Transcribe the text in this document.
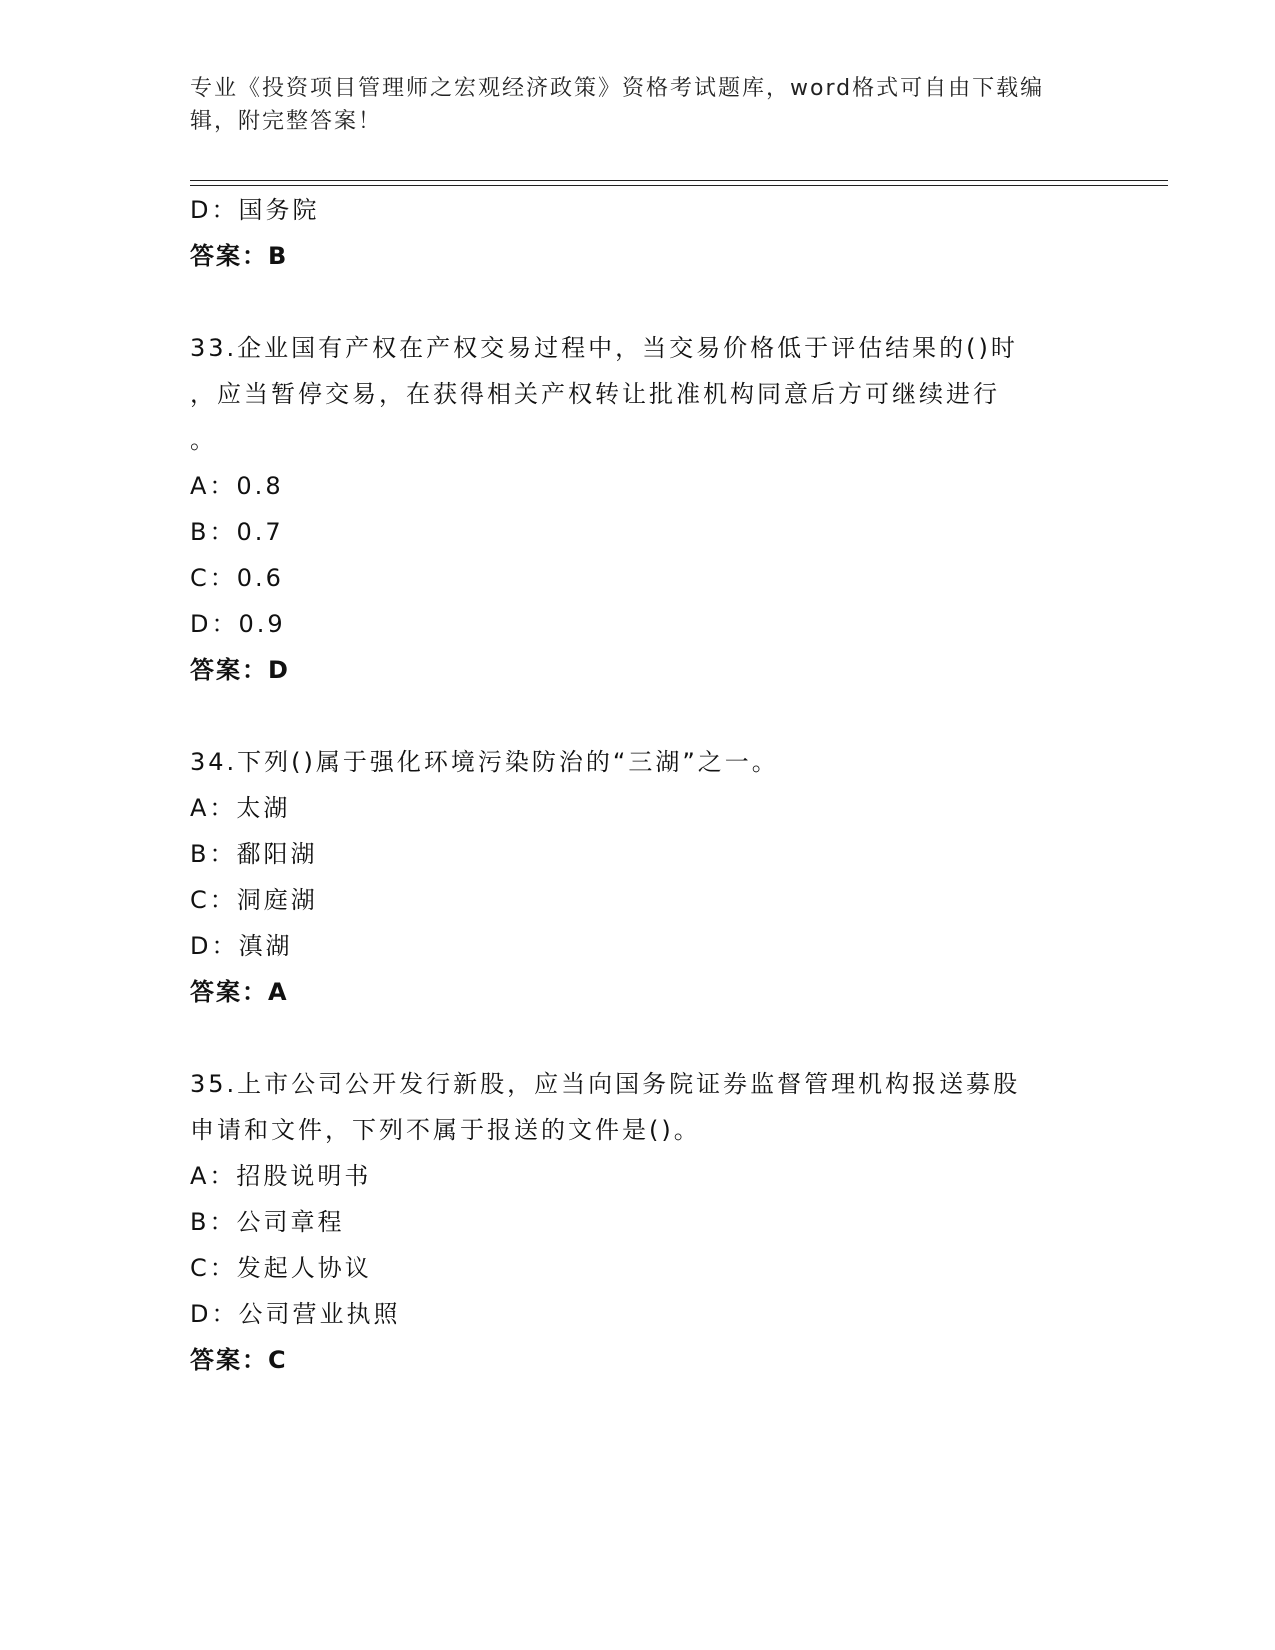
专业《投资项目管理师之宏观经济政策》资格考试题库，word格式可自由下载编
辑，附完整答案！
D：国务院
答案：B
33.企业国有产权在产权交易过程中，当交易价格低于评估结果的()时
，应当暂停交易，在获得相关产权转让批准机构同意后方可继续进行
。
A：0.8
B：0.7
C：0.6
D：0.9
答案：D
34.下列()属于强化环境污染防治的“三湖”之一。
A：太湖
B：鄱阳湖
C：洞庭湖
D：滇湖
答案：A
35.上市公司公开发行新股，应当向国务院证券监督管理机构报送募股
申请和文件，下列不属于报送的文件是()。
A：招股说明书
B：公司章程
C：发起人协议
D：公司营业执照
答案：C
